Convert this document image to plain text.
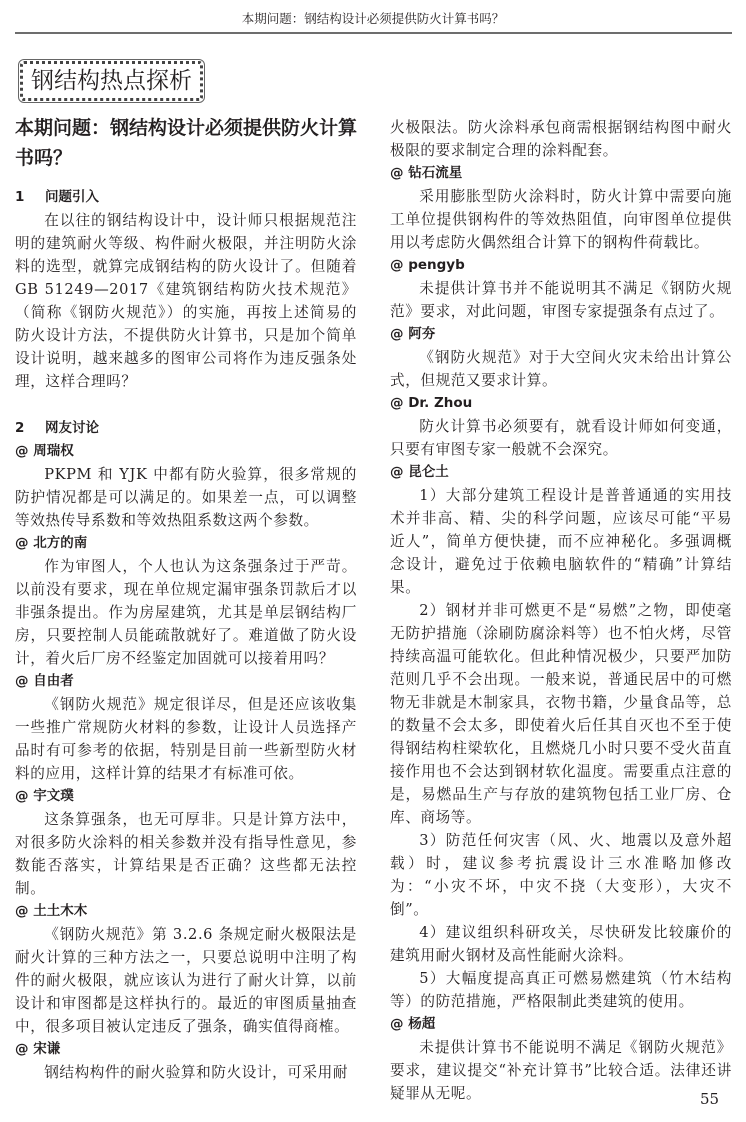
本期问题：钢结构设计必须提供防火计算书吗？
钢结构热点探析
本期问题：钢结构设计必须提供防火计算书吗？
1 问题引入

在以往的钢结构设计中，设计师只根据规范注明的建筑耐火等级、构件耐火极限，并注明防火涂料的选型，就算完成钢结构的防火设计了。但随着 GB 51249—2017《建筑钢结构防火技术规范》（简称《钢防火规范》）的实施，再按上述简易的防火设计方法，不提供防火计算书，只是加个简单设计说明，越来越多的图审公司将作为违反强条处理，这样合理吗？

2 网友讨论
@ 周瑞权

PKPM 和 YJK 中都有防火验算，很多常规的防护情况都是可以满足的。如果差一点，可以调整等效热传导系数和等效热阻系数这两个参数。

@ 北方的南

作为审图人，个人也认为这条强条过于严苛。以前没有要求，现在单位规定漏审强条罚款后才以非强条提出。作为房屋建筑，尤其是单层钢结构厂房，只要控制人员能疏散就好了。难道做了防火设计，着火后厂房不经鉴定加固就可以接着用吗？

@ 自由者

《钢防火规范》规定很详尽，但是还应该收集一些推广常规防火材料的参数，让设计人员选择产品时有可参考的依据，特别是目前一些新型防火材料的应用，这样计算的结果才有标准可依。

@ 宇文璞

这条算强条，也无可厚非。只是计算方法中，对很多防火涂料的相关参数并没有指导性意见，参数能否落实，计算结果是否正确？这些都无法控制。

@ 土土木木

《钢防火规范》第 3.2.6 条规定耐火极限法是耐火计算的三种方法之一，只要总说明中注明了构件的耐火极限，就应该认为进行了耐火计算，以前设计和审图都是这样执行的。最近的审图质量抽查中，很多项目被认定违反了强条，确实值得商榷。

@ 宋谦

钢结构构件的耐火验算和防火设计，可采用耐

火极限法。防火涂料承包商需根据钢结构图中耐火极限的要求制定合理的涂料配套。

@ 钻石流星

采用膨胀型防火涂料时，防火计算中需要向施工单位提供钢构件的等效热阻值，向审图单位提供用以考虑防火偶然组合计算下的钢构件荷载比。

@ pengyb

未提供计算书并不能说明其不满足《钢防火规范》要求，对此问题，审图专家提强条有点过了。

@ 阿夯

《钢防火规范》对于大空间火灾未给出计算公式，但规范又要求计算。

@ Dr. Zhou

防火计算书必须要有，就看设计师如何变通，只要有审图专家一般就不会深究。

@ 昆仑土

1）大部分建筑工程设计是普普通通的实用技术并非高、精、尖的科学问题，应该尽可能“平易近人”，简单方便快捷，而不应神秘化。多强调概念设计，避免过于依赖电脑软件的“精确”计算结果。

2）钢材并非可燃更不是“易燃”之物，即使毫无防护措施（涂刷防腐涂料等）也不怕火烤，尽管持续高温可能软化。但此种情况极少，只要严加防范则几乎不会出现。一般来说，普通民居中的可燃物无非就是木制家具，衣物书籍，少量食品等，总的数量不会太多，即使着火后任其自灭也不至于使得钢结构柱梁软化，且燃烧几小时只要不受火苗直接作用也不会达到钢材软化温度。需要重点注意的是，易燃品生产与存放的建筑物包括工业厂房、仓库、商场等。

3）防范任何灾害（风、火、地震以及意外超载）时，建议参考抗震设计三水准略加修改为：“小灾不坏，中灾不挠（大变形），大灾不倒”。

4）建议组织科研攻关，尽快研发比较廉价的建筑用耐火钢材及高性能耐火涂料。

5）大幅度提高真正可燃易燃建筑（竹木结构等）的防范措施，严格限制此类建筑的使用。

@ 杨超

未提供计算书不能说明不满足《钢防火规范》要求，建议提交“补充计算书”比较合适。法律还讲疑罪从无呢。	55
